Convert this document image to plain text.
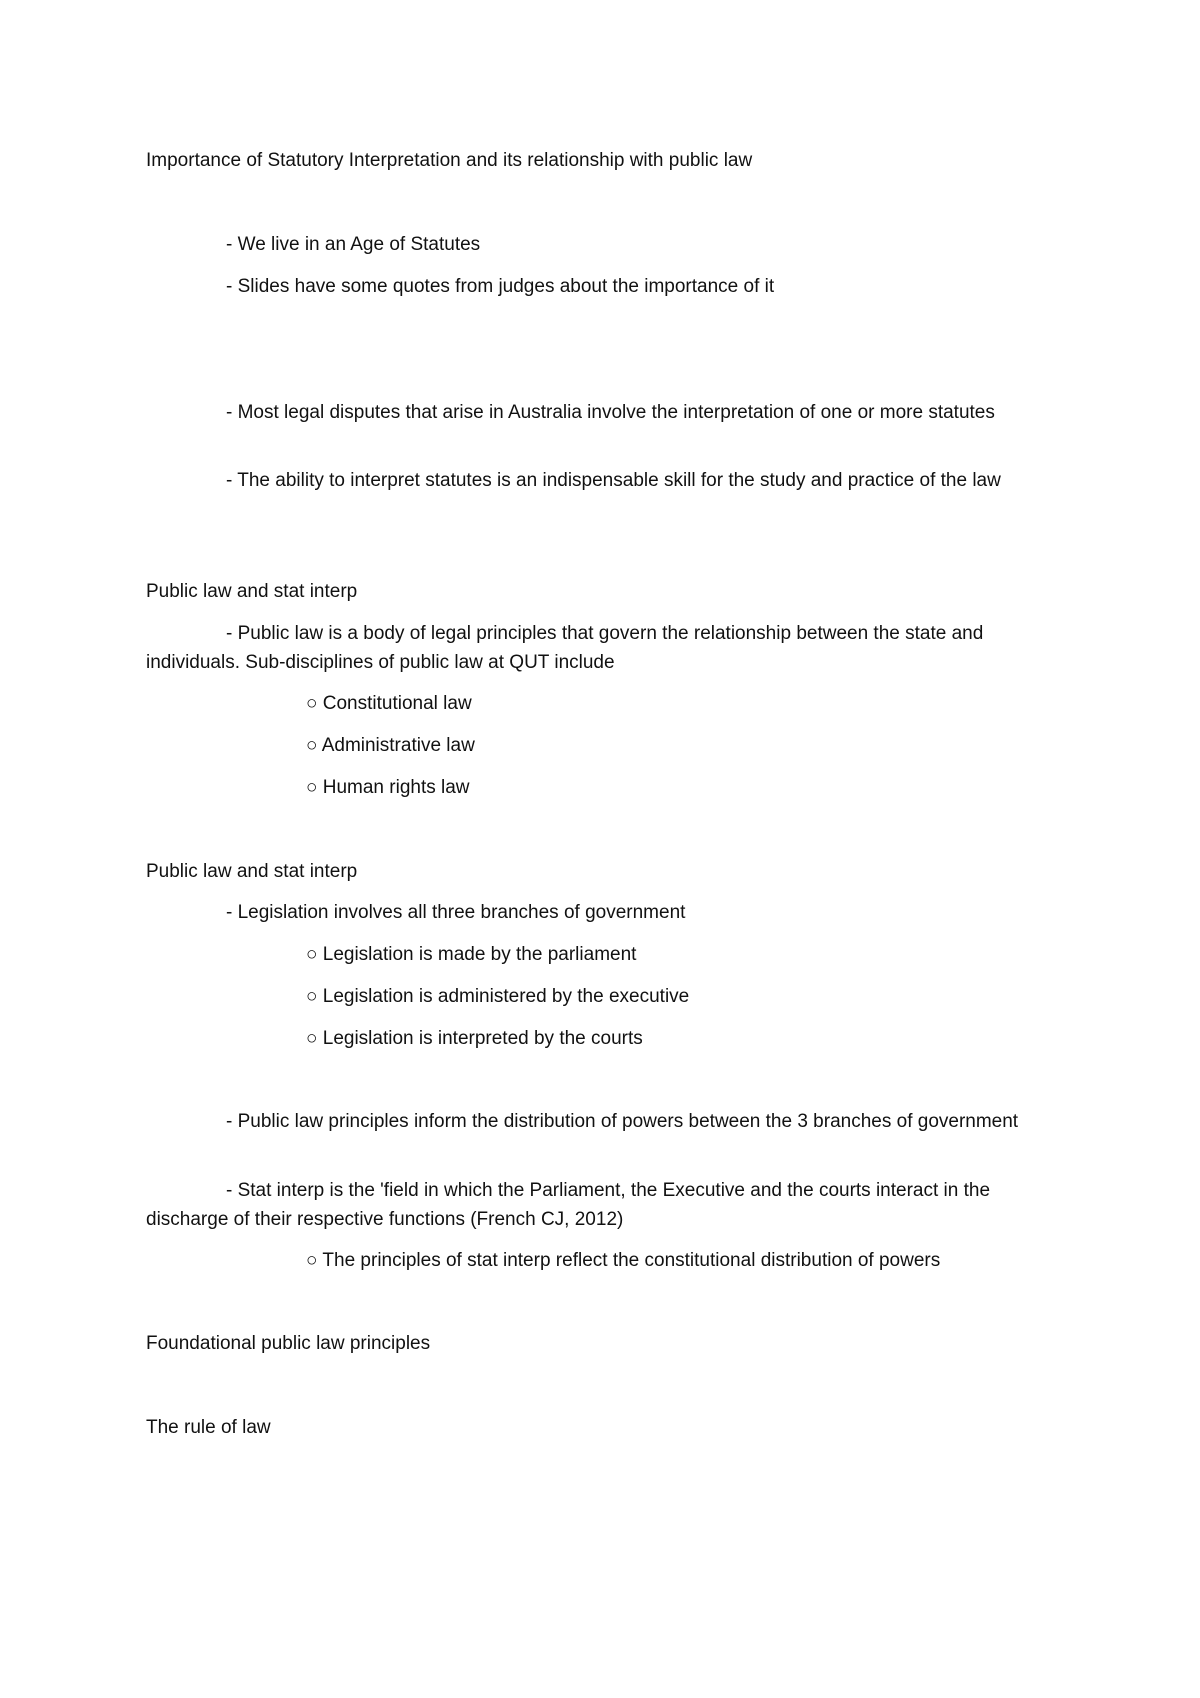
Importance of Statutory Interpretation and its relationship with public law
- We live in an Age of Statutes
- Slides have some quotes from judges about the importance of it
- Most legal disputes that arise in Australia involve the interpretation of one or more statutes
- The ability to interpret statutes is an indispensable skill for the study and practice of the law
Public law and stat interp
- Public law is a body of legal principles that govern the relationship between the state and individuals. Sub-disciplines of public law at QUT include
○ Constitutional law
○ Administrative law
○ Human rights law
Public law and stat interp
- Legislation involves all three branches of government
○ Legislation is made by the parliament
○ Legislation is administered by the executive
○ Legislation is interpreted by the courts
- Public law principles inform the distribution of powers between the 3 branches of government
- Stat interp is the 'field in which the Parliament, the Executive and the courts interact in the discharge of their respective functions (French CJ, 2012)
○ The principles of stat interp reflect the constitutional distribution of powers
Foundational public law principles
The rule of law
